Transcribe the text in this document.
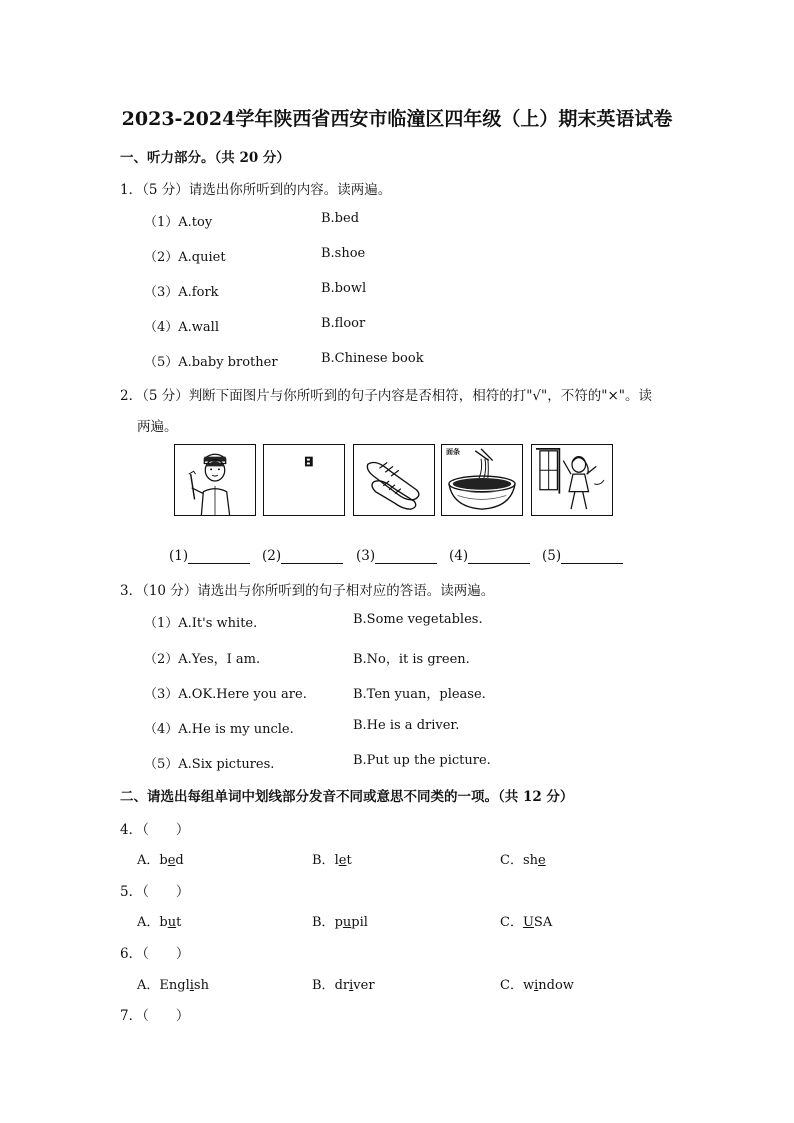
2023-2024学年陕西省西安市临潼区四年级（上）期末英语试卷
一、听力部分。（共 20 分）
1．（5 分）请选出你所听到的内容。读两遍。
（1）A.toy	B.bed
（2）A.quiet	B.shoe
（3）A.fork	B.bowl
（4）A.wall	B.floor
（5）A.baby brother	B.Chinese book
2．（5 分）判断下面图片与你所听到的句子内容是否相符，相符的打"√"，不符的"×"。读
两遍。
面条
(1)	(2)	(3)	(4)	(5)
3．（10 分）请选出与你所听到的句子相对应的答语。读两遍。
（1）A.It's white.	B.Some vegetables.
（2）A.Yes，I am.	B.No，it is green.
（3）A.OK.Here you are.	B.Ten yuan，please.
（4）A.He is my uncle.	B.He is a driver.
（5）A.Six pictures.	B.Put up the picture.
二、请选出每组单词中划线部分发音不同或意思不同类的一项。（共 12 分）
4．（　　）
A．bed	B．let	C．she
5．（　　）
A．but	B．pupil	C．USA
6．（　　）
A．English	B．driver	C．window
7．（　　）
